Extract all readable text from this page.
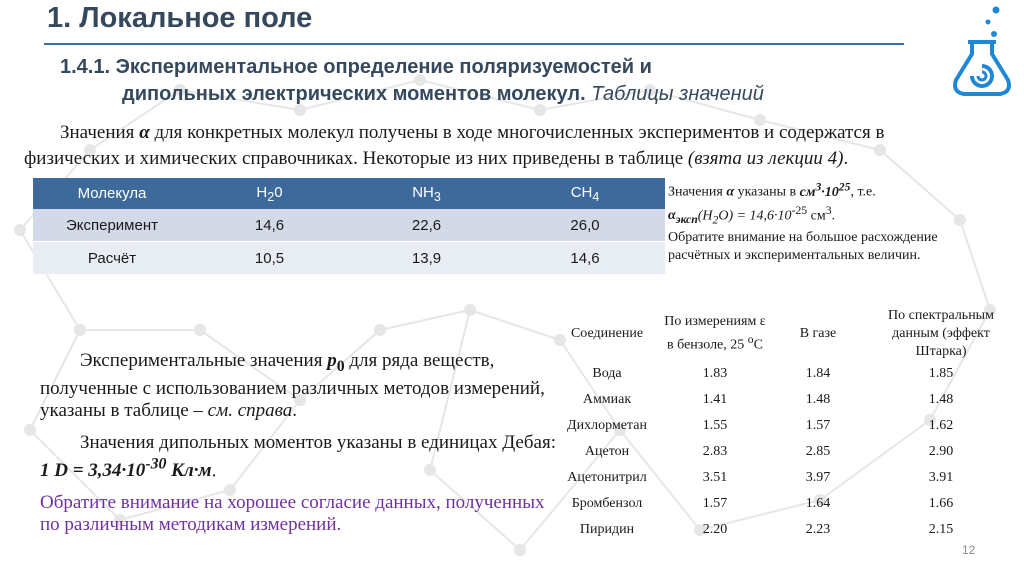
1. Локальное поле
1.4.1. Экспериментальное определение поляризуемостей и
дипольных электрических моментов молекул. Таблицы значений
Значения α для конкретных молекул получены в ходе многочисленных экспериментов и содержатся в физических и химических справочниках. Некоторые из них приведены в таблице (взята из лекции 4).
Молекула	$H_20$	$NH_3$	$CH_4$
Эксперимент	14,6	22,6	26,0
Расчёт	10,5	13,9	14,6
Значения α указаны в $см^3\cdot 10^{25}$, т.е.
$\alpha_{эксп}(H_2O) = 14,6\cdot 10^{-25}$ $см^3$.
Обратите внимание на большое расхождение расчётных и экспериментальных величин.
Соединение	По измерениям ε в бензоле, 25 $^o$C	В газе	По спектральным данным (эффект Штарка)
Вода	1.83	1.84	1.85
Аммиак	1.41	1.48	1.48
Дихлорметан	1.55	1.57	1.62
Ацетон	2.83	2.85	2.90
Ацетонитрил	3.51	3.97	3.91
Бромбензол	1.57	1.64	1.66
Пиридин	2.20	2.23	2.15

Экспериментальные значения $p_0$ для ряда веществ, полученные с использованием различных методов измерений, указаны в таблице – см. справа.

Значения дипольных моментов указаны в единицах Дебая: 1 $D = 3,34\cdot 10^{-30}$ Кл·м.

Обратите внимание на хорошее согласие данных, полученных по различным методикам измерений.

12
